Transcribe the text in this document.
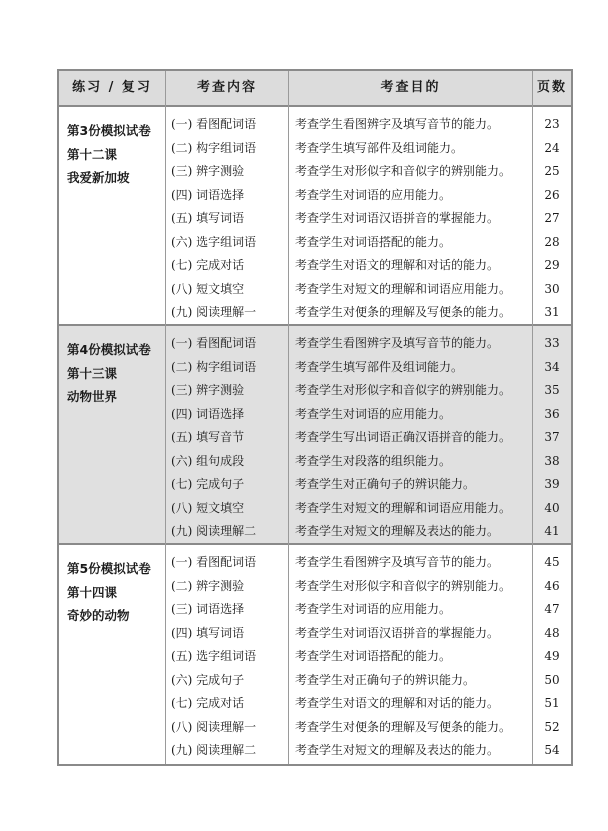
练习 / 复习	考查内容	考查目的	页数
第3份模拟试卷
第十二课
我爱新加坡
(一) 看图配词语	考查学生看图辨字及填写音节的能力。	23
(二) 构字组词语	考查学生填写部件及组词能力。	24
(三) 辨字测验	考查学生对形似字和音似字的辨别能力。	25
(四) 词语选择	考查学生对词语的应用能力。	26
(五) 填写词语	考查学生对词语汉语拼音的掌握能力。	27
(六) 选字组词语	考查学生对词语搭配的能力。	28
(七) 完成对话	考查学生对语文的理解和对话的能力。	29
(八) 短文填空	考查学生对短文的理解和词语应用能力。	30
(九) 阅读理解一	考查学生对便条的理解及写便条的能力。	31
第4份模拟试卷
第十三课
动物世界
(一) 看图配词语	考查学生看图辨字及填写音节的能力。	33
(二) 构字组词语	考查学生填写部件及组词能力。	34
(三) 辨字测验	考查学生对形似字和音似字的辨别能力。	35
(四) 词语选择	考查学生对词语的应用能力。	36
(五) 填写音节	考查学生写出词语正确汉语拼音的能力。	37
(六) 组句成段	考查学生对段落的组织能力。	38
(七) 完成句子	考查学生对正确句子的辨识能力。	39
(八) 短文填空	考查学生对短文的理解和词语应用能力。	40
(九) 阅读理解二	考查学生对短文的理解及表达的能力。	41
第5份模拟试卷
第十四课
奇妙的动物
(一) 看图配词语	考查学生看图辨字及填写音节的能力。	45
(二) 辨字测验	考查学生对形似字和音似字的辨别能力。	46
(三) 词语选择	考查学生对词语的应用能力。	47
(四) 填写词语	考查学生对词语汉语拼音的掌握能力。	48
(五) 选字组词语	考查学生对词语搭配的能力。	49
(六) 完成句子	考查学生对正确句子的辨识能力。	50
(七) 完成对话	考查学生对语文的理解和对话的能力。	51
(八) 阅读理解一	考查学生对便条的理解及写便条的能力。	52
(九) 阅读理解二	考查学生对短文的理解及表达的能力。	54
